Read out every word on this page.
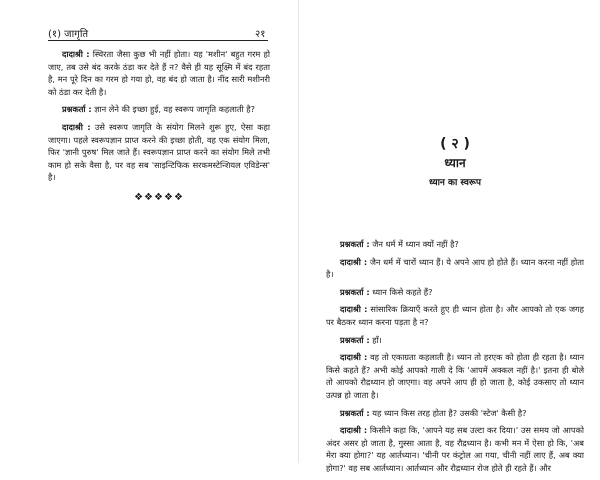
(१) जागृति	२१

दादाश्री : स्थिरता जैसा कुछ भी नहीं होता। यह 'मशीन' बहुत गरम हो जाए, तब उसे बंद करके ठंडा कर देते हैं न? वैसे ही यह सूक्ष्मि में बंद रहता है, मन पूरे दिन का गरम हो गया हो, वह बंद हो जाता है। नींद सारी मशीनरी को ठंडा कर देती है।

प्रश्नकर्ता : ज्ञान लेने की इच्छा हुई, वह स्वरूप जागृति कहलाती है?

दादाश्री : उसे स्वरूप जागृति के संयोग मिलने शुरू हुए, ऐसा कहा जाएगा। पहले स्वरूपज्ञान प्राप्त करने की इच्छा होती, वह एक संयोग मिला, फिर 'ज्ञानी पुरुष' मिल जाते हैं। स्वरूपज्ञान प्राप्त करने का संयोग मिले तभी काम हो सके वैसा है, पर वह सब 'साइन्टिफिक सरकमस्टेन्शियल एविडेन्स' है।

❖❖❖❖❖
( २ )
ध्यान
ध्यान का स्वरूप

प्रश्नकर्ता : जैन धर्म में ध्यान क्यों नहीं है?

दादाश्री : जैन धर्म में चारों ध्यान हैं। ये अपने आप हो होते हैं। ध्यान करना नहीं होता है।

प्रश्नकर्ता : ध्यान किसे कहते हैं?

दादाश्री : सांसारिक क्रियाएँ करते हुए ही ध्यान होता है। और आपको तो एक जगह पर बैठकर ध्यान करना पड़ता है न?

प्रश्नकर्ता : हाँ।

दादाश्री : वह तो एकाग्रता कहलाती है। ध्यान तो हरएक को होता ही रहता है। ध्यान किसे कहते हैं? अभी कोई आपको गाली दे कि 'आपमें अक्कल नहीं है।' इतना ही बोले तो आपको रौद्रध्यान हो जाएगा। वह अपने आप ही हो जाता है, कोई उकसाए तो ध्यान उत्पन्न हो जाता है।

प्रश्नकर्ता : यह ध्यान किस तरह होता है? उसकी 'स्टेज' कैसी है?

दादाश्री : किसीने कहा कि, 'आपने यह सब उल्टा कर दिया।' उस समय जो आपको अंदर असर हो जाता है, गुस्सा आता है, वह रौद्रध्यान है। कभी मन में ऐसा हो कि, 'अब मेरा क्या होगा?' यह आर्तध्यान। 'चीनी पर कंट्रोल आ गया, चीनी नहीं लाए हैं, अब क्या होगा?' वह सब आर्तध्यान। आर्तध्यान और रौद्रध्यान रोज होते ही रहते हैं। और
